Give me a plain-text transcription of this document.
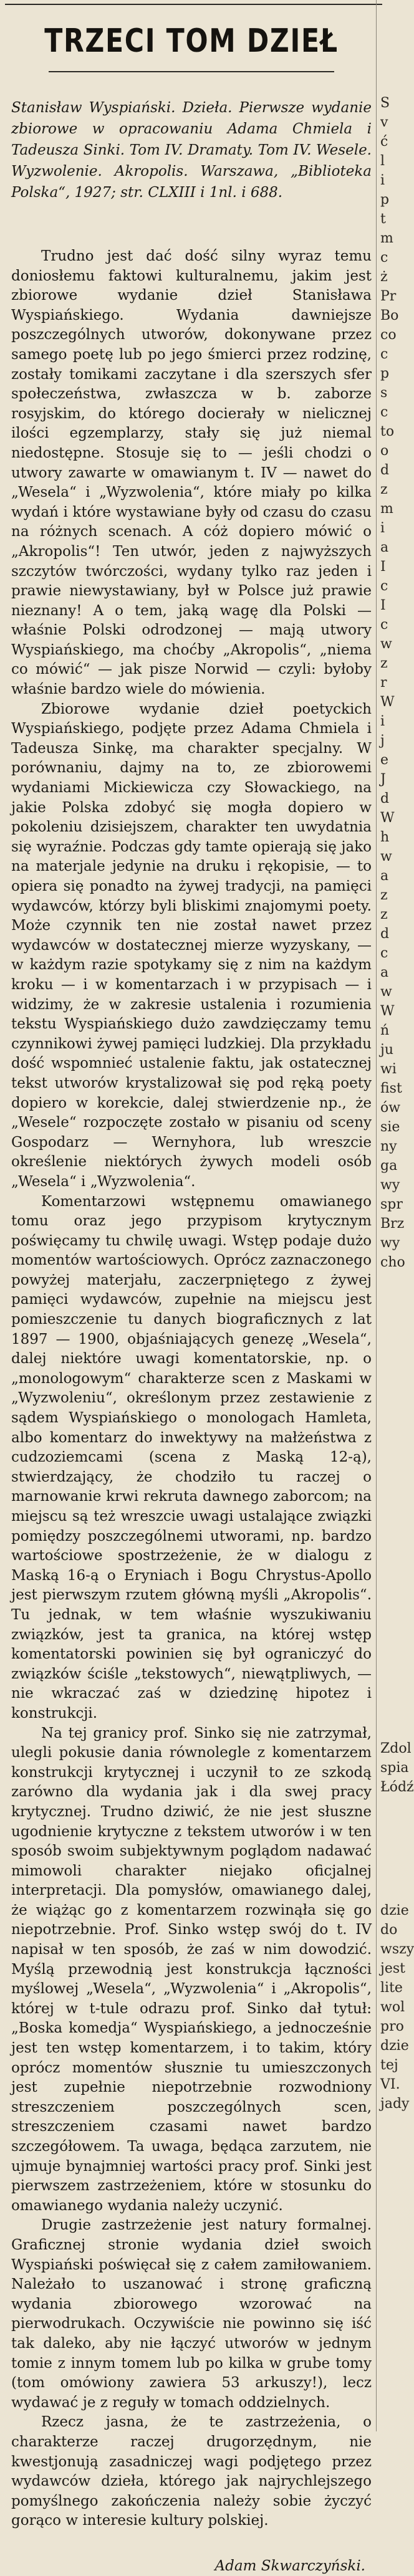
TRZECI TOM DZIEŁ

Stanisław Wyspiański. Dzieła. Pierwsze wydanie zbiorowe w opracowaniu Adama Chmiela i Tadeusza Sinki. Tom IV. Dramaty. Tom IV. Wesele. Wyzwolenie. Akropolis. Warszawa, „Biblioteka Polska“, 1927; str. CLXIII i 1nl. i 688.

Trudno jest dać dość silny wyraz temu doniosłemu faktowi kulturalnemu, jakim jest zbiorowe wydanie dzieł Stanisława Wyspiańskiego. Wydania dawniejsze poszczególnych utworów, dokonywane przez samego poetę lub po jego śmierci przez rodzinę, zostały tomikami zaczytane i dla szerszych sfer społeczeństwa, zwłaszcza w b. zaborze rosyjskim, do którego docierały w nielicznej ilości egzemplarzy, stały się już niemal niedostępne. Stosuje się to — jeśli chodzi o utwory zawarte w omawianym t. IV — nawet do „Wesela“ i „Wyzwolenia“, które miały po kilka wydań i które wystawiane były od czasu do czasu na różnych scenach. A cóż dopiero mówić o „Akropolis“! Ten utwór, jeden z najwyższych szczytów twórczości, wydany tylko raz jeden i prawie niewystawiany, był w Polsce już prawie nieznany! A o tem, jaką wagę dla Polski — właśnie Polski odrodzonej — mają utwory Wyspiańskiego, ma choćby „Akropolis“, „niema co mówić“ — jak pisze Norwid — czyli: byłoby właśnie bardzo wiele do mówienia.

Zbiorowe wydanie dzieł poetyckich Wyspiańskiego, podjęte przez Adama Chmiela i Tadeusza Sinkę, ma charakter specjalny. W porównaniu, dajmy na to, ze zbiorowemi wydaniami Mickiewicza czy Słowackiego, na jakie Polska zdobyć się mogła dopiero w pokoleniu dzisiejszem, charakter ten uwydatnia się wyraźnie. Podczas gdy tamte opierają się jako na materjale jedynie na druku i rękopisie, — to opiera się ponadto na żywej tradycji, na pamięci wydawców, którzy byli bliskimi znajomymi poety. Może czynnik ten nie został nawet przez wydawców w dostatecznej mierze wyzyskany, — w każdym razie spotykamy się z nim na każdym kroku — i w komentarzach i w przypisach — i widzimy, że w zakresie ustalenia i rozumienia tekstu Wyspiańskiego dużo zawdzięczamy temu czynnikowi żywej pamięci ludzkiej. Dla przykładu dość wspomnieć ustalenie faktu, jak ostatecznej tekst utworów krystalizował się pod ręką poety dopiero w korekcie, dalej stwierdzenie np., że „Wesele“ rozpoczęte zostało w pisaniu od sceny Gospodarz — Wernyhora, lub wreszcie określenie niektórych żywych modeli osób „Wesela“ i „Wyzwolenia“.

Komentarzowi wstępnemu omawianego tomu oraz jego przypisom krytycznym poświęcamy tu chwilę uwagi. Wstęp podaje dużo momentów wartościowych. Oprócz zaznaczonego powyżej materjału, zaczerpniętego z żywej pamięci wydawców, zupełnie na miejscu jest pomieszczenie tu danych biograficznych z lat 1897 — 1900, objaśniających genezę „Wesela“, dalej niektóre uwagi komentatorskie, np. o „monologowym“ charakterze scen z Maskami w „Wyzwoleniu“, określonym przez zestawienie z sądem Wyspiańskiego o monologach Hamleta, albo komentarz do inwektywy na małżeństwa z cudzoziemcami (scena z Maską 12-ą), stwierdzający, że chodziło tu raczej o marnowanie krwi rekruta dawnego zaborcom; na miejscu są też wreszcie uwagi ustalające związki pomiędzy poszczególnemi utworami, np. bardzo wartościowe spostrzeżenie, że w dialogu z Maską 16-ą o Eryniach i Bogu Chrystus-Apollo jest pierwszym rzutem główną myśli „Akropolis“. Tu jednak, w tem właśnie wyszukiwaniu związków, jest ta granica, na której wstęp komentatorski powinien się był ograniczyć do związków ściśle „tekstowych“, niewątpliwych, — nie wkraczać zaś w dziedzinę hipotez i konstrukcji.

Na tej granicy prof. Sinko się nie zatrzymał, ulegli pokusie dania równolegle z komentarzem konstrukcji krytycznej i uczynił to ze szkodą zarówno dla wydania jak i dla swej pracy krytycznej. Trudno dziwić, że nie jest słuszne ugodnienie krytyczne z tekstem utworów i w ten sposób swoim subjektywnym poglądom nadawać mimowoli charakter niejako oficjalnej interpretacji. Dla pomysłów, omawianego dalej, że wiążąc go z komentarzem rozwinąła się go niepotrzebnie. Prof. Sinko wstęp swój do t. IV napisał w ten sposób, że zaś w nim dowodzić. Myślą przewodnią jest konstrukcja łączności myślowej „Wesela“, „Wyzwolenia“ i „Akropolis“, której w t-tule odrazu prof. Sinko dał tytuł: „Boska komedja“ Wyspiańskiego, a jednocześnie jest ten wstęp komentarzem, i to takim, który oprócz momentów słusznie tu umieszczonych jest zupełnie niepotrzebnie rozwodniony streszczeniem poszczególnych scen, streszczeniem czasami nawet bardzo szczegółowem. Ta uwaga, będąca zarzutem, nie ujmuje bynajmniej wartości pracy prof. Sinki jest pierwszem zastrzeżeniem, które w stosunku do omawianego wydania należy uczynić.

Drugie zastrzeżenie jest natury formalnej. Graficznej stronie wydania dzieł swoich Wyspiański poświęcał się z całem zamiłowaniem. Należało to uszanować i stronę graficzną wydania zbiorowego wzorować na pierwodrukach. Oczywiście nie powinno się iść tak daleko, aby nie łączyć utworów w jednym tomie z innym tomem lub po kilka w grube tomy (tom omówiony zawiera 53 arkuszy!), lecz wydawać je z reguły w tomach oddzielnych.

Rzecz jasna, że te zastrzeżenia, o charakterze raczej drugorzędnym, nie kwestjonują zasadniczej wagi podjętego przez wydawców dzieła, którego jak najrychlejszego pomyślnego zakończenia należy sobie życzyć gorąco w interesie kultury polskiej.

Adam Skwarczyński.
S
v
ć
l
i
p
t
m
c
ż
Pr
Bo
co
c
p
s
c
to
o
d
z
m
i
a
I
c
I
c
w
z
r
W
i
j
e
J
d
W
h
w
a
z
z
d
c
a
w
W
ń
ju
wi
fist
ów
sie
ny
ga
wy
spr
Brz
wy
cho
Zdol
spia
Łódź
dzie
do
wszy
jest
lite
wol
pro
dzie
tej
VI.
jady
